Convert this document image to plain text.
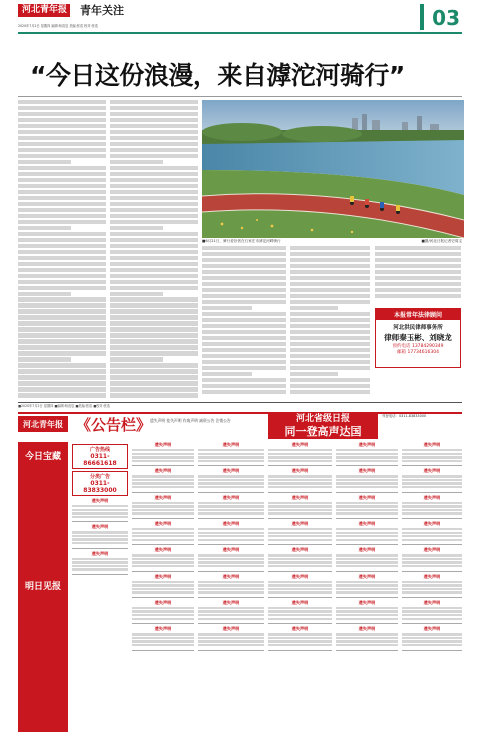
河北青年报 青年关注
2020年7月2日 星期四 编辑:杨浩辰 美编:张浩 校对:张浩	03
“今日这份浪漫，来自滹沱河骑行”
■6月21日，骑行爱好者在石家庄市滹沱河畔骑行	■摄/河北日报记者史周宝
本报常年法律顾问
河北洪民律师事务所
律师秦玉彬、刘晓龙
预约电话 13784290349
邮箱 17734616304
■2020年7月2日 星期四 ■编辑:杨浩辰 ■美编:张浩 ■校对:张浩
河北青年报 《公告栏》
遗失声明 挂失声明 作废声明 减资公告 注销公告	河北省级日报
同一登高声达国
刊登电话：0311-83833000
今日宝藏
明日见报
广告热线
0311-86661618
分类广告
0311-83833000
遗失声明
遗失声明
遗失声明
遗失声明
遗失声明
遗失声明
遗失声明
遗失声明
遗失声明
遗失声明
遗失声明
遗失声明
遗失声明
遗失声明
遗失声明
遗失声明
遗失声明
遗失声明
遗失声明
遗失声明
遗失声明
遗失声明
遗失声明
遗失声明
遗失声明
遗失声明
遗失声明
遗失声明
遗失声明
遗失声明
遗失声明
遗失声明
遗失声明
遗失声明
遗失声明
遗失声明
遗失声明
遗失声明
遗失声明
遗失声明
遗失声明
遗失声明
遗失声明
